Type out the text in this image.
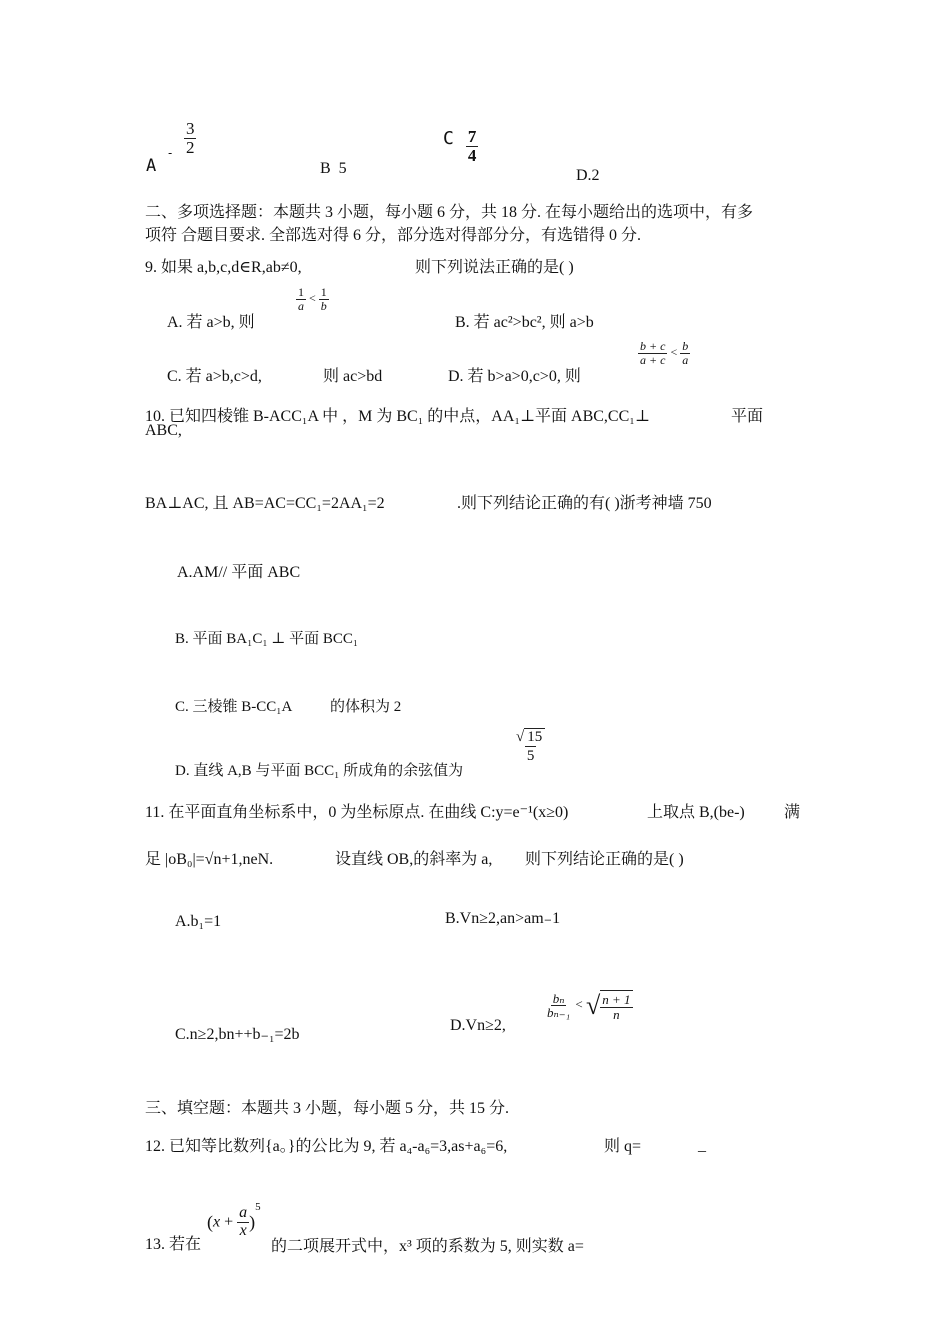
A $_- \frac{3}{2}$
B 5
C $\frac{7}{4}$
D.2
二、多项选择题：本题共 3 小题，每小题 6 分，共 18 分. 在每小题给出的选项中，有多
项符 合题目要求. 全部选对得 6 分，部分选对得部分分，有选错得 0 分.
9. 如果 a,b,c,d∈R,ab≠0,	则下列说法正确的是( )
A. 若 a>b, 则
$\frac{1}{a} < \frac{1}{b}$
B. 若 ac²>bc², 则 a>b
C. 若 a>b,c>d,	则 ac>bd	D. 若 b>a>0,c>0, 则
$\frac{b + c}{a + c} < \frac{b}{a}$
10. 已知四棱锥 B-ACC₁A 中 ，M 为 BC₁ 的中点，AA₁⊥平面 ABC,CC₁⊥	平面
ABC,
BA⊥AC, 且 AB=AC=CC₁=2AA₁=2	.则下列结论正确的有( )浙考神墙 750
A.AM// 平面 ABC
B. 平面 BA₁C₁ ⊥ 平面 BCC₁
C. 三棱锥 B-CC₁A	的体积为 2
D. 直线 A,B 与平面 BCC₁ 所成角的余弦值为
$\frac{√ 15}{5}$
11. 在平面直角坐标系中，0 为坐标原点. 在曲线 C:y=e⁻¹(x≥0)	上取点 B,(be-) 满
足 |oB₀|=√n+1,neN.	设直线 OB,的斜率为 a, 则下列结论正确的是( )
A.b₁=1	B.Vn≥2,an>am₋1
C.n≥2,bn++b₋₁=2b
D.Vn≥2,
$\frac{\text{bₙ}}{\text{bₙ₋₁}}$ < √ $\frac{n + 1}{n}$
三、填空题：本题共 3 小题，每小题 5 分，共 15 分.
12. 已知等比数列{a。}的公比为 9, 若 a₄-a₆=3,as+a₆=6,	则 q=	_
13. 若在
$(x + \frac{a}{x} )^5$
的二项展开式中，x³ 项的系数为 5, 则实数 a=
